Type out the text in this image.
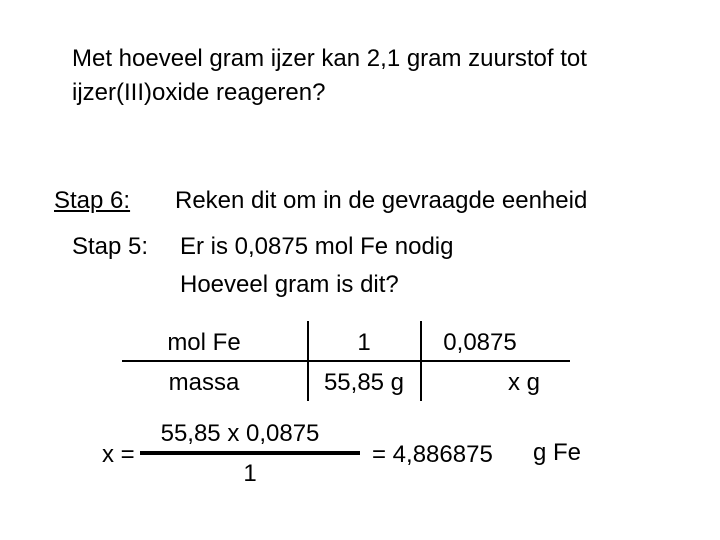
Met hoeveel gram ijzer kan 2,1 gram zuurstof tot ijzer(III)oxide reageren?
Stap 6: Reken dit om in de gevraagde eenheid
Stap 5: Er is 0,0875 mol Fe nodig
Hoeveel gram is dit?
mol Fe
massa
1
55,85 g
0,0875
x g
x =
55,85 x 0,0875
1
= 4,886875 g Fe
